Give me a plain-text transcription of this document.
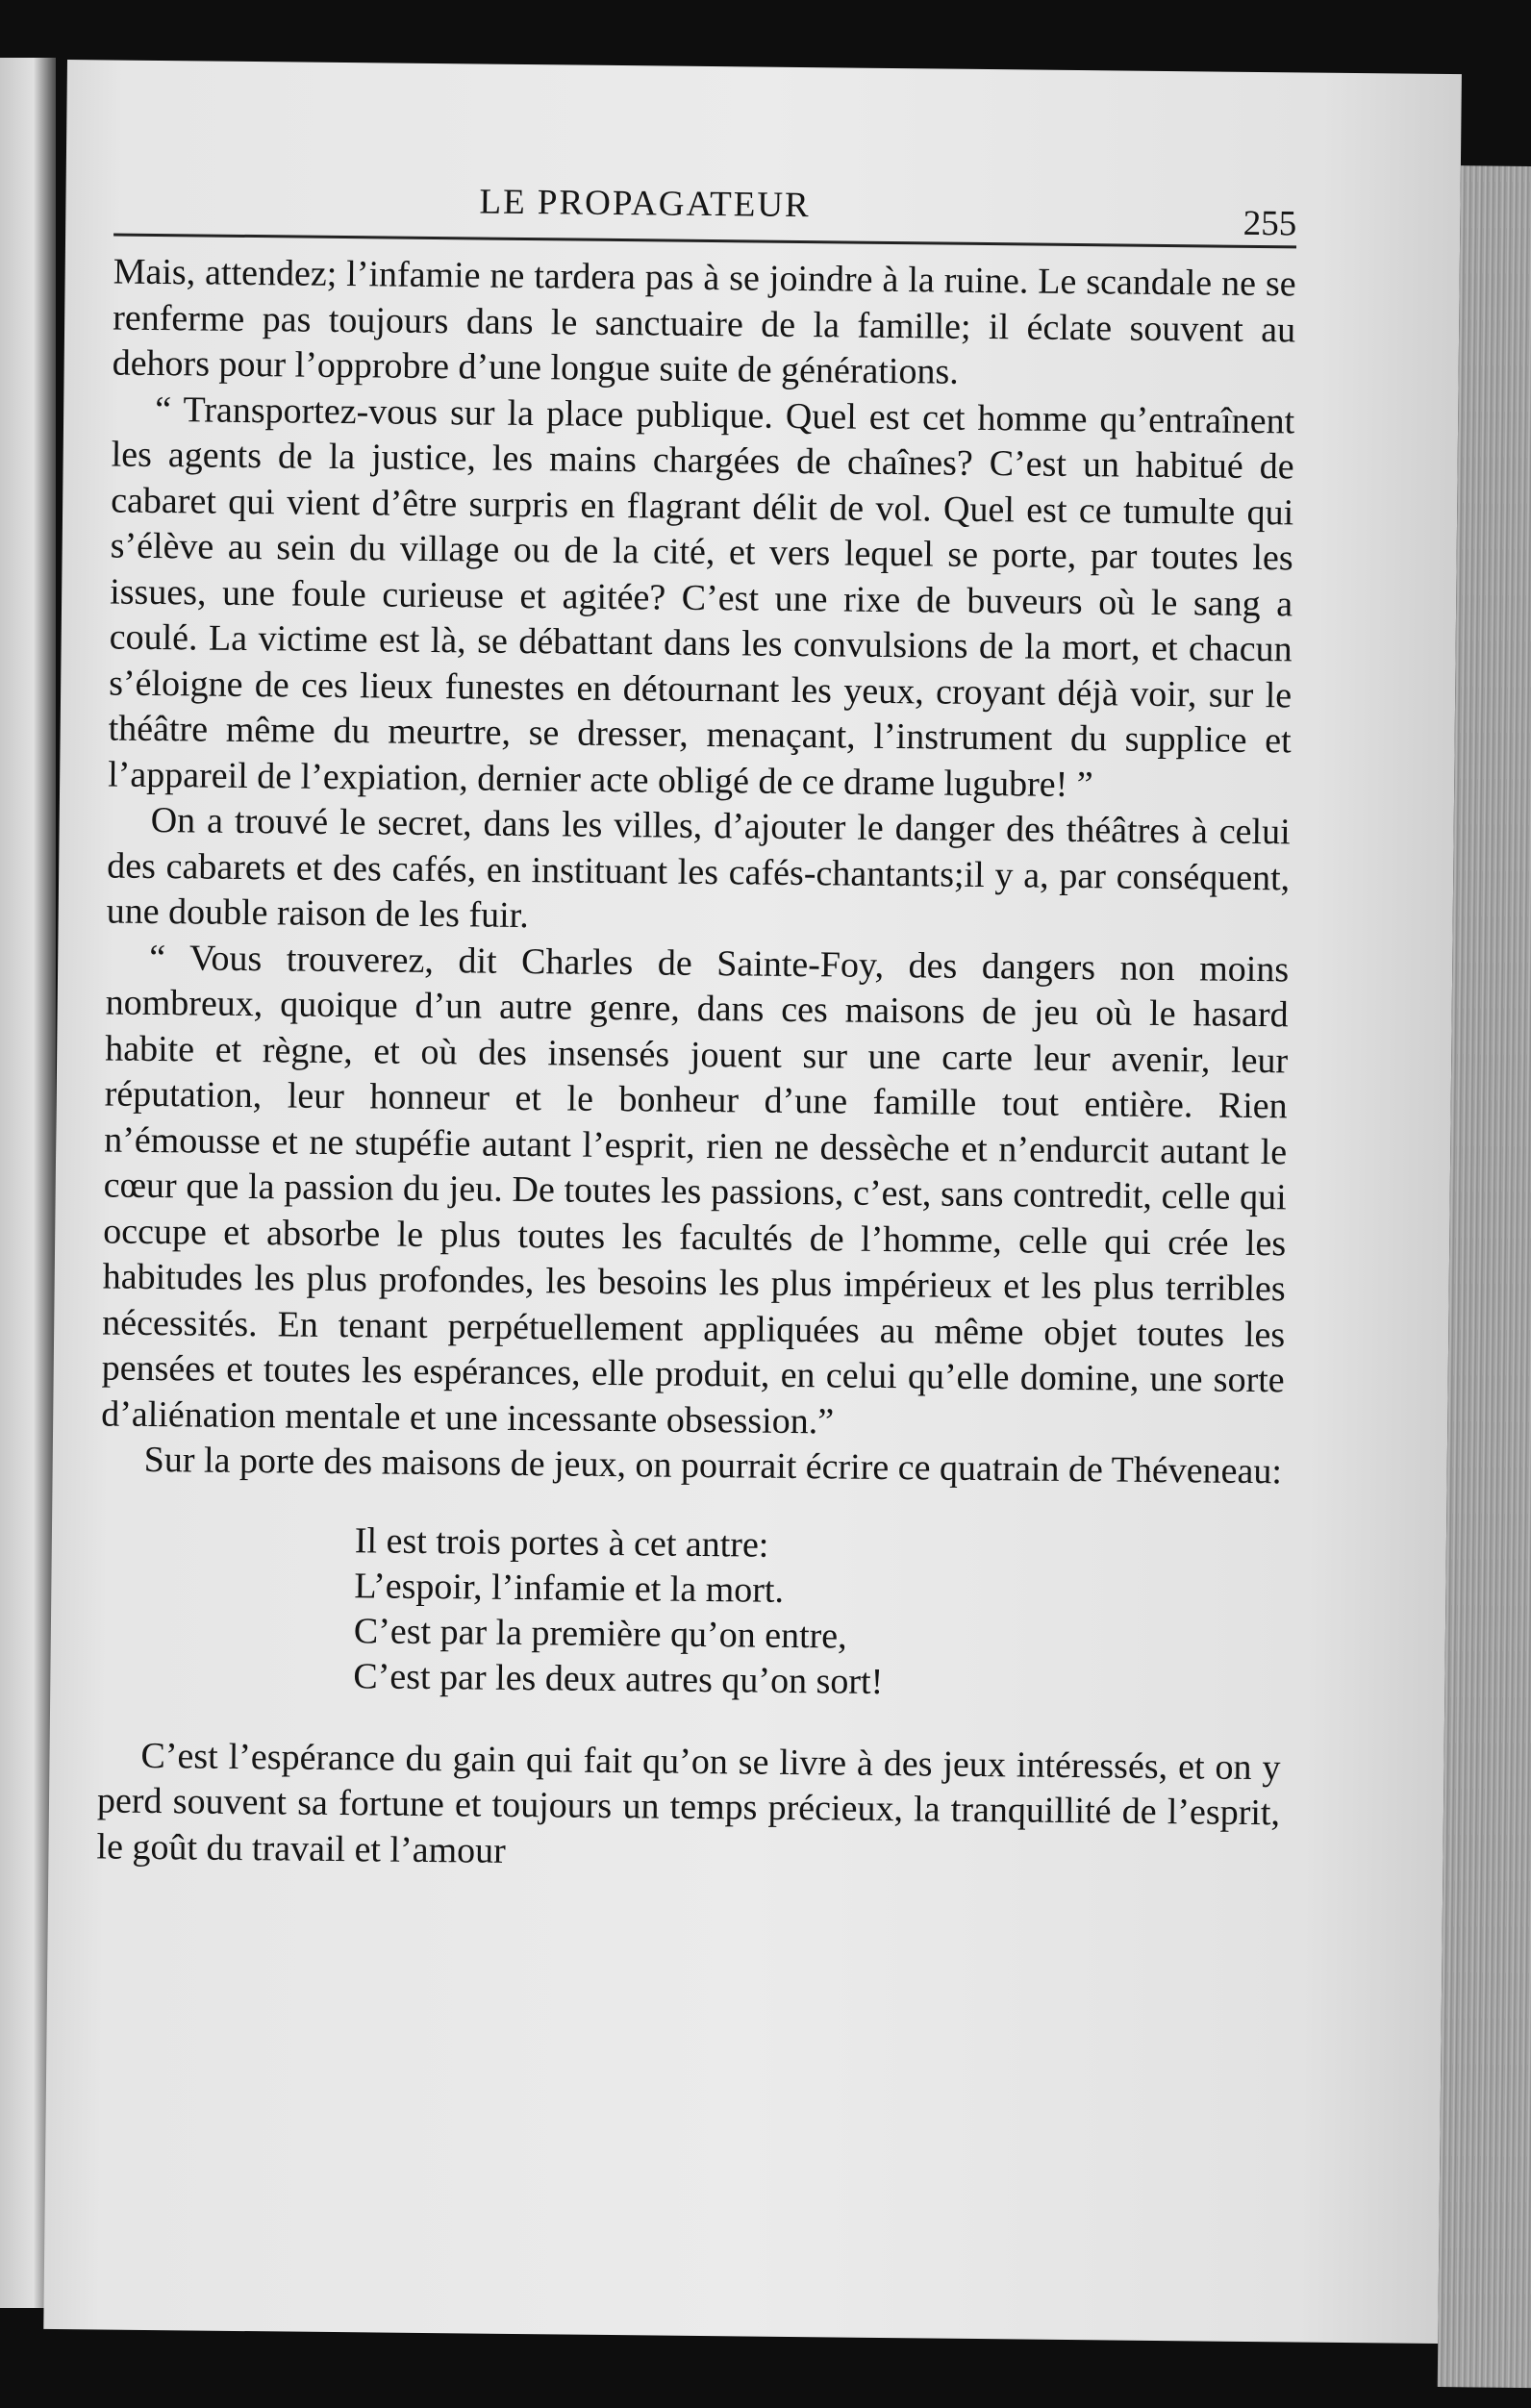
LE PROPAGATEUR	255

Mais, attendez; l’infamie ne tardera pas à se joindre à la ruine. Le scandale ne se renferme pas toujours dans le sanctuaire de la famille; il éclate souvent au dehors pour l’opprobre d’une longue suite de générations.

“ Transportez-vous sur la place publique. Quel est cet homme qu’entraînent les agents de la justice, les mains chargées de chaînes? C’est un habitué de cabaret qui vient d’être surpris en flagrant délit de vol. Quel est ce tumulte qui s’élève au sein du village ou de la cité, et vers lequel se porte, par toutes les issues, une foule curieuse et agitée? C’est une rixe de buveurs où le sang a coulé. La victime est là, se débattant dans les convulsions de la mort, et chacun s’éloigne de ces lieux funestes en détournant les yeux, croyant déjà voir, sur le théâtre même du meurtre, se dresser, menaçant, l’instrument du supplice et l’appareil de l’expiation, dernier acte obligé de ce drame lugubre! ”

On a trouvé le secret, dans les villes, d’ajouter le danger des théâtres à celui des cabarets et des cafés, en instituant les cafés-chantants;il y a, par conséquent, une double raison de les fuir.

“ Vous trouverez, dit Charles de Sainte-Foy, des dangers non moins nombreux, quoique d’un autre genre, dans ces maisons de jeu où le hasard habite et règne, et où des insensés jouent sur une carte leur avenir, leur réputation, leur honneur et le bonheur d’une famille tout entière. Rien n’émousse et ne stupéfie autant l’esprit, rien ne dessèche et n’endurcit autant le cœur que la passion du jeu. De toutes les passions, c’est, sans contredit, celle qui occupe et absorbe le plus toutes les facultés de l’homme, celle qui crée les habitudes les plus profondes, les besoins les plus impérieux et les plus terribles nécessités. En tenant perpétuellement appliquées au même objet toutes les pensées et toutes les espérances, elle produit, en celui qu’elle domine, une sorte d’aliénation mentale et une incessante obsession.”

Sur la porte des maisons de jeux, on pourrait écrire ce quatrain de Théveneau:

Il est trois portes à cet antre:
L’espoir, l’infamie et la mort.
C’est par la première qu’on entre,
C’est par les deux autres qu’on sort!

C’est l’espérance du gain qui fait qu’on se livre à des jeux intéressés, et on y perd souvent sa fortune et toujours un temps précieux, la tranquillité de l’esprit, le goût du travail et l’amour
